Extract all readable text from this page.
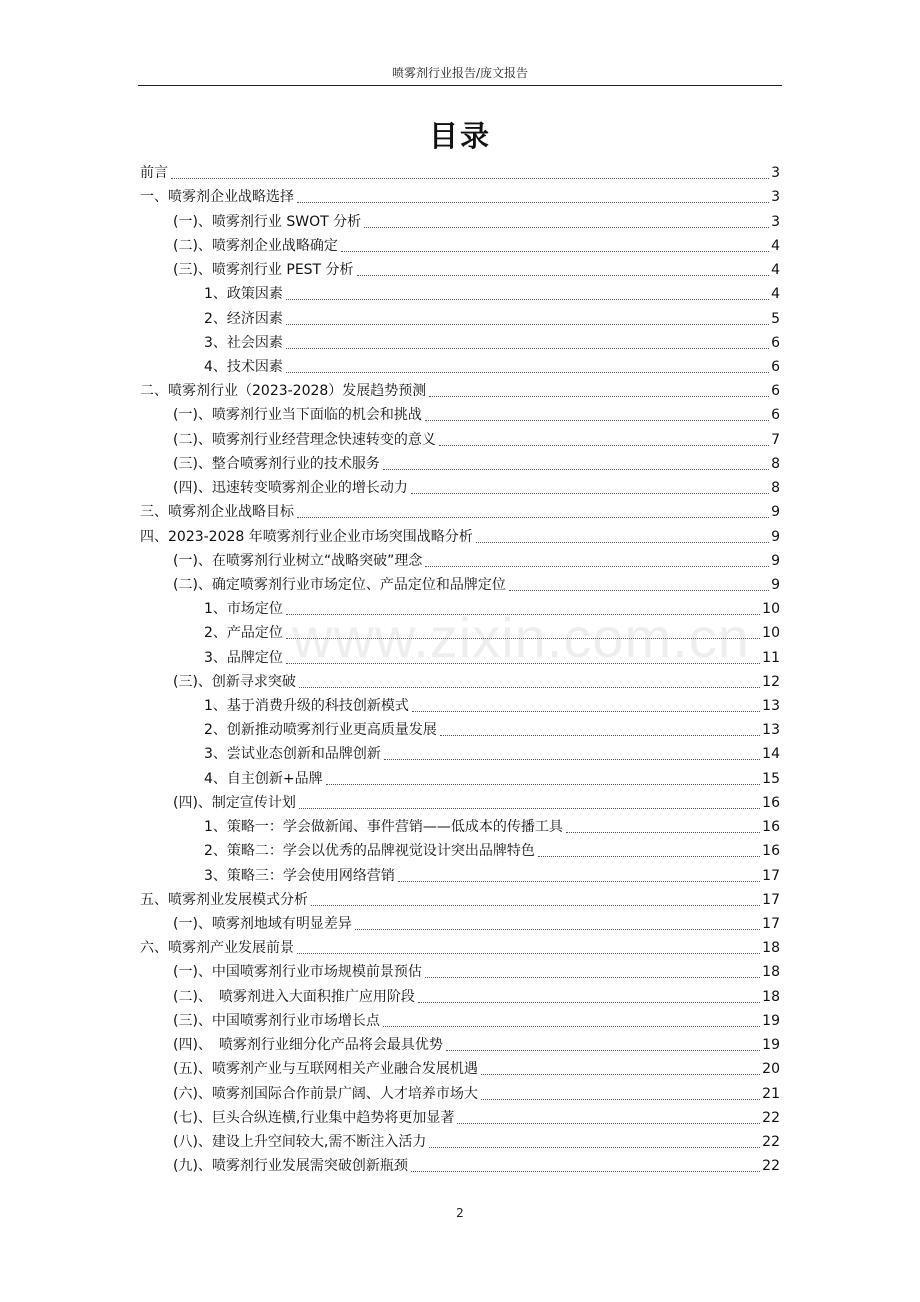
喷雾剂行业报告/庞文报告
目录
前言	3
一、喷雾剂企业战略选择	3
(一)、喷雾剂行业 SWOT 分析	3
(二)、喷雾剂企业战略确定	4
(三)、喷雾剂行业 PEST 分析	4
1、政策因素	4
2、经济因素	5
3、社会因素	6
4、技术因素	6
二、喷雾剂行业（2023-2028）发展趋势预测	6
(一)、喷雾剂行业当下面临的机会和挑战	6
(二)、喷雾剂行业经营理念快速转变的意义	7
(三)、整合喷雾剂行业的技术服务	8
(四)、迅速转变喷雾剂企业的增长动力	8
三、喷雾剂企业战略目标	9
四、2023-2028 年喷雾剂行业企业市场突围战略分析	9
(一)、在喷雾剂行业树立“战略突破”理念	9
(二)、确定喷雾剂行业市场定位、产品定位和品牌定位	9
1、市场定位	10
2、产品定位	10
3、品牌定位	11
(三)、创新寻求突破	12
1、基于消费升级的科技创新模式	13
2、创新推动喷雾剂行业更高质量发展	13
3、尝试业态创新和品牌创新	14
4、自主创新+品牌	15
(四)、制定宣传计划	16
1、策略一：学会做新闻、事件营销——低成本的传播工具	16
2、策略二：学会以优秀的品牌视觉设计突出品牌特色	16
3、策略三：学会使用网络营销	17
五、喷雾剂业发展模式分析	17
(一)、喷雾剂地域有明显差异	17
六、喷雾剂产业发展前景	18
(一)、中国喷雾剂行业市场规模前景预估	18
(二)、　喷雾剂进入大面积推广应用阶段	18
(三)、中国喷雾剂行业市场增长点	19
(四)、　喷雾剂行业细分化产品将会最具优势	19
(五)、喷雾剂产业与互联网相关产业融合发展机遇	20
(六)、喷雾剂国际合作前景广阔、人才培养市场大	21
(七)、巨头合纵连横,行业集中趋势将更加显著	22
(八)、建设上升空间较大,需不断注入活力	22
(九)、喷雾剂行业发展需突破创新瓶颈	22
www.zixin.com.cn
2
